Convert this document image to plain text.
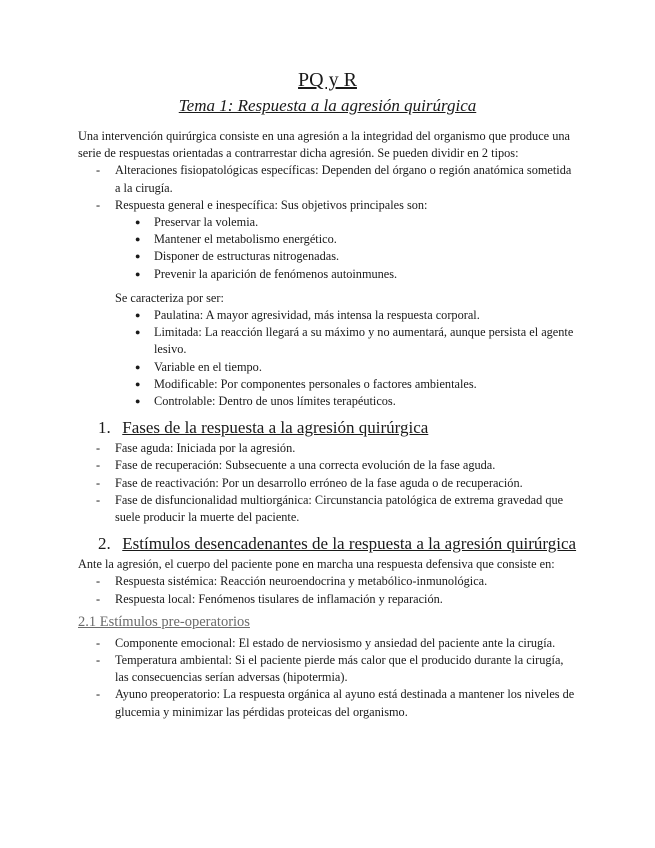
PQ y R
Tema 1: Respuesta a la agresión quirúrgica

Una intervención quirúrgica consiste en una agresión a la integridad del organismo que produce una serie de respuestas orientadas a contrarrestar dicha agresión. Se pueden dividir en 2 tipos:

- Alteraciones fisiopatológicas específicas: Dependen del órgano o región anatómica sometida a la cirugía.
- Respuesta general e inespecífica: Sus objetivos principales son:
● Preservar la volemia.
● Mantener el metabolismo energético.
● Disponer de estructuras nitrogenadas.
● Prevenir la aparición de fenómenos autoinmunes.

Se caracteriza por ser:

● Paulatina: A mayor agresividad, más intensa la respuesta corporal.
● Limitada: La reacción llegará a su máximo y no aumentará, aunque persista el agente lesivo.
● Variable en el tiempo.
● Modificable: Por componentes personales o factores ambientales.
● Controlable: Dentro de unos límites terapéuticos.

1. Fases de la respuesta a la agresión quirúrgica

- Fase aguda: Iniciada por la agresión.
- Fase de recuperación: Subsecuente a una correcta evolución de la fase aguda.
- Fase de reactivación: Por un desarrollo erróneo de la fase aguda o de recuperación.
- Fase de disfuncionalidad multiorgánica: Circunstancia patológica de extrema gravedad que suele producir la muerte del paciente.

2. Estímulos desencadenantes de la respuesta a la agresión quirúrgica

Ante la agresión, el cuerpo del paciente pone en marcha una respuesta defensiva que consiste en:

- Respuesta sistémica: Reacción neuroendocrina y metabólico-inmunológica.
- Respuesta local: Fenómenos tisulares de inflamación y reparación.

2.1 Estímulos pre-operatorios

- Componente emocional: El estado de nerviosismo y ansiedad del paciente ante la cirugía.
- Temperatura ambiental: Si el paciente pierde más calor que el producido durante la cirugía, las consecuencias serían adversas (hipotermia).
- Ayuno preoperatorio: La respuesta orgánica al ayuno está destinada a mantener los niveles de glucemia y minimizar las pérdidas proteicas del organismo.
